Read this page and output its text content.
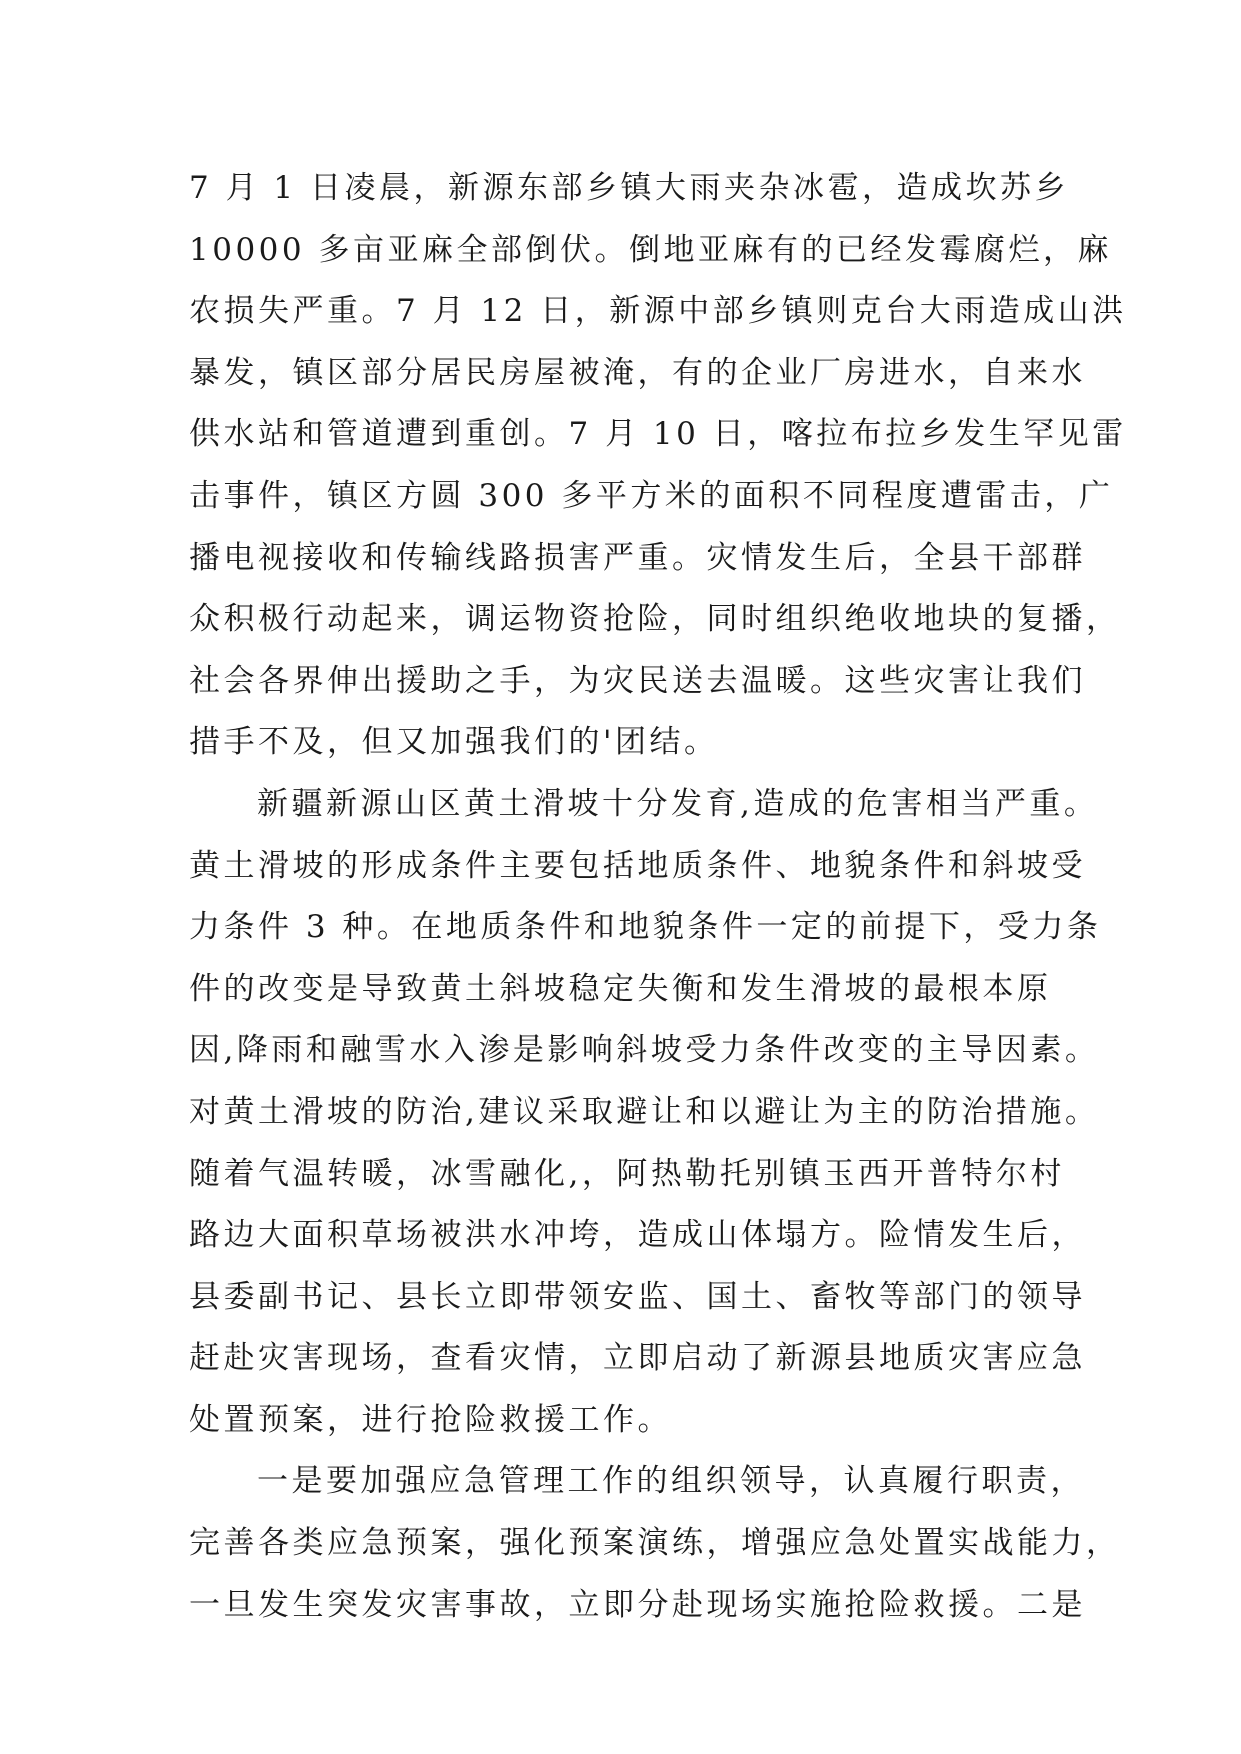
7 月 1 日凌晨，新源东部乡镇大雨夹杂冰雹，造成坎苏乡
10000 多亩亚麻全部倒伏。倒地亚麻有的已经发霉腐烂，麻
农损失严重。7 月 12 日，新源中部乡镇则克台大雨造成山洪
暴发，镇区部分居民房屋被淹，有的企业厂房进水，自来水
供水站和管道遭到重创。7 月 10 日，喀拉布拉乡发生罕见雷
击事件，镇区方圆 300 多平方米的面积不同程度遭雷击，广
播电视接收和传输线路损害严重。灾情发生后，全县干部群
众积极行动起来，调运物资抢险，同时组织绝收地块的复播，
社会各界伸出援助之手，为灾民送去温暖。这些灾害让我们
措手不及，但又加强我们的'团结。
新疆新源山区黄土滑坡十分发育,造成的危害相当严重。
黄土滑坡的形成条件主要包括地质条件、地貌条件和斜坡受
力条件 3 种。在地质条件和地貌条件一定的前提下，受力条
件的改变是导致黄土斜坡稳定失衡和发生滑坡的最根本原
因,降雨和融雪水入渗是影响斜坡受力条件改变的主导因素。
对黄土滑坡的防治,建议采取避让和以避让为主的防治措施。
随着气温转暖，冰雪融化,，阿热勒托别镇玉西开普特尔村
路边大面积草场被洪水冲垮，造成山体塌方。险情发生后，
县委副书记、县长立即带领安监、国土、畜牧等部门的领导
赶赴灾害现场，查看灾情，立即启动了新源县地质灾害应急
处置预案，进行抢险救援工作。
一是要加强应急管理工作的组织领导，认真履行职责，
完善各类应急预案，强化预案演练，增强应急处置实战能力，
一旦发生突发灾害事故，立即分赴现场实施抢险救援。二是
